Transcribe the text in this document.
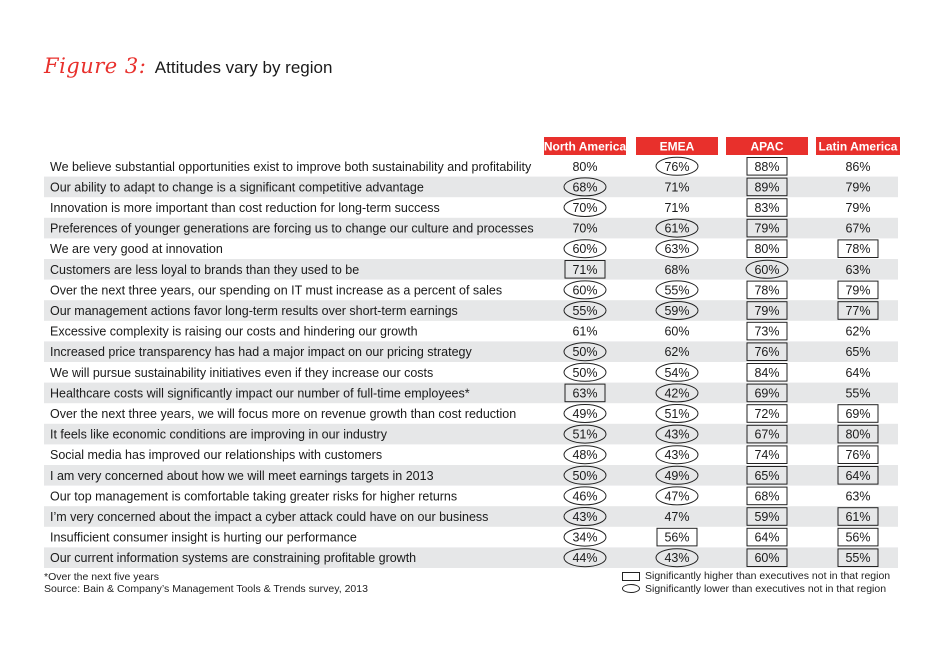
Figure 3: Attitudes vary by region
North America	EMEA	APAC	Latin America
We believe substantial opportunities exist to improve both sustainability and profitability	80%	76%	88%	86%
Our ability to adapt to change is a significant competitive advantage	68%	71%	89%	79%
Innovation is more important than cost reduction for long-term success	70%	71%	83%	79%
Preferences of younger generations are forcing us to change our culture and processes	70%	61%	79%	67%
We are very good at innovation	60%	63%	80%	78%
Customers are less loyal to brands than they used to be	71%	68%	60%	63%
Over the next three years, our spending on IT must increase as a percent of sales	60%	55%	78%	79%
Our management actions favor long-term results over short-term earnings	55%	59%	79%	77%
Excessive complexity is raising our costs and hindering our growth	61%	60%	73%	62%
Increased price transparency has had a major impact on our pricing strategy	50%	62%	76%	65%
We will pursue sustainability initiatives even if they increase our costs	50%	54%	84%	64%
Healthcare costs will significantly impact our number of full-time employees*	63%	42%	69%	55%
Over the next three years, we will focus more on revenue growth than cost reduction	49%	51%	72%	69%
It feels like economic conditions are improving in our industry	51%	43%	67%	80%
Social media has improved our relationships with customers	48%	43%	74%	76%
I am very concerned about how we will meet earnings targets in 2013	50%	49%	65%	64%
Our top management is comfortable taking greater risks for higher returns	46%	47%	68%	63%
I’m very concerned about the impact a cyber attack could have on our business	43%	47%	59%	61%
Insufficient consumer insight is hurting our performance	34%	56%	64%	56%
Our current information systems are constraining profitable growth	44%	43%	60%	55%
*Over the next five years
Source: Bain & Company’s Management Tools & Trends survey, 2013
Significantly higher than executives not in that region
Significantly lower than executives not in that region
